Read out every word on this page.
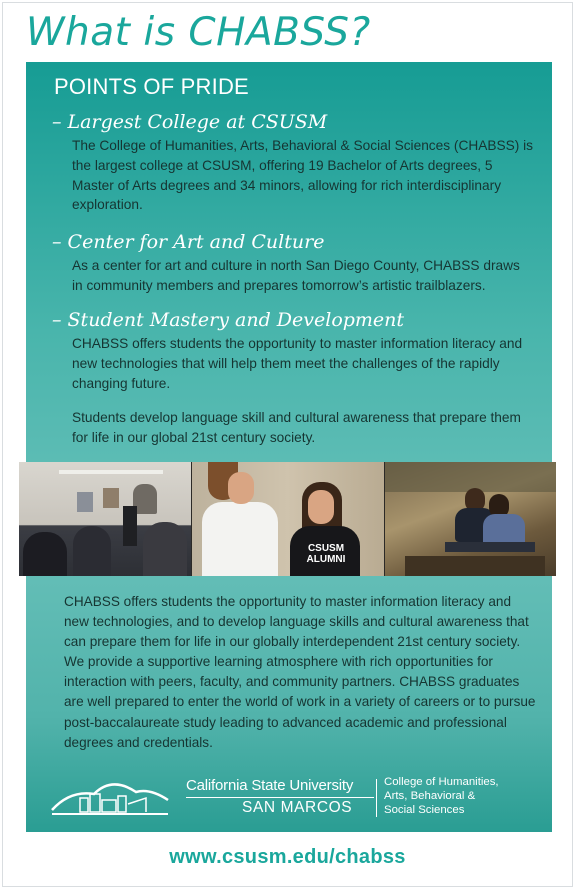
What is CHABSS?
POINTS OF PRIDE
– Largest College at CSUSM

The College of Humanities, Arts, Behavioral & Social Sciences (CHABSS) is the largest college at CSUSM, offering 19 Bachelor of Arts degrees, 5 Master of Arts degrees and 34 minors, allowing for rich interdisciplinary exploration.

– Center for Art and Culture

As a center for art and culture in north San Diego County, CHABSS draws in community members and prepares tomorrow’s artistic trailblazers.

– Student Mastery and Development

CHABSS offers students the opportunity to master information literacy and new technologies that will help them meet the challenges of the rapidly changing future.

Students develop language skill and cultural awareness that prepare them for life in our global 21st century society.

CSUSM
ALUMNI

CHABSS offers students the opportunity to master information literacy and new technologies, and to develop language skills and cultural awareness that can prepare them for life in our globally interdependent 21st century society. We provide a supportive learning atmosphere with rich opportunities for interaction with peers, faculty, and community partners. CHABSS graduates are well prepared to enter the world of work in a variety of careers or to pursue post-baccalaureate study leading to advanced academic and professional degrees and credentials.

California State University
SAN MARCOS
College of Humanities,
Arts, Behavioral &
Social Sciences
www.csusm.edu/chabss
